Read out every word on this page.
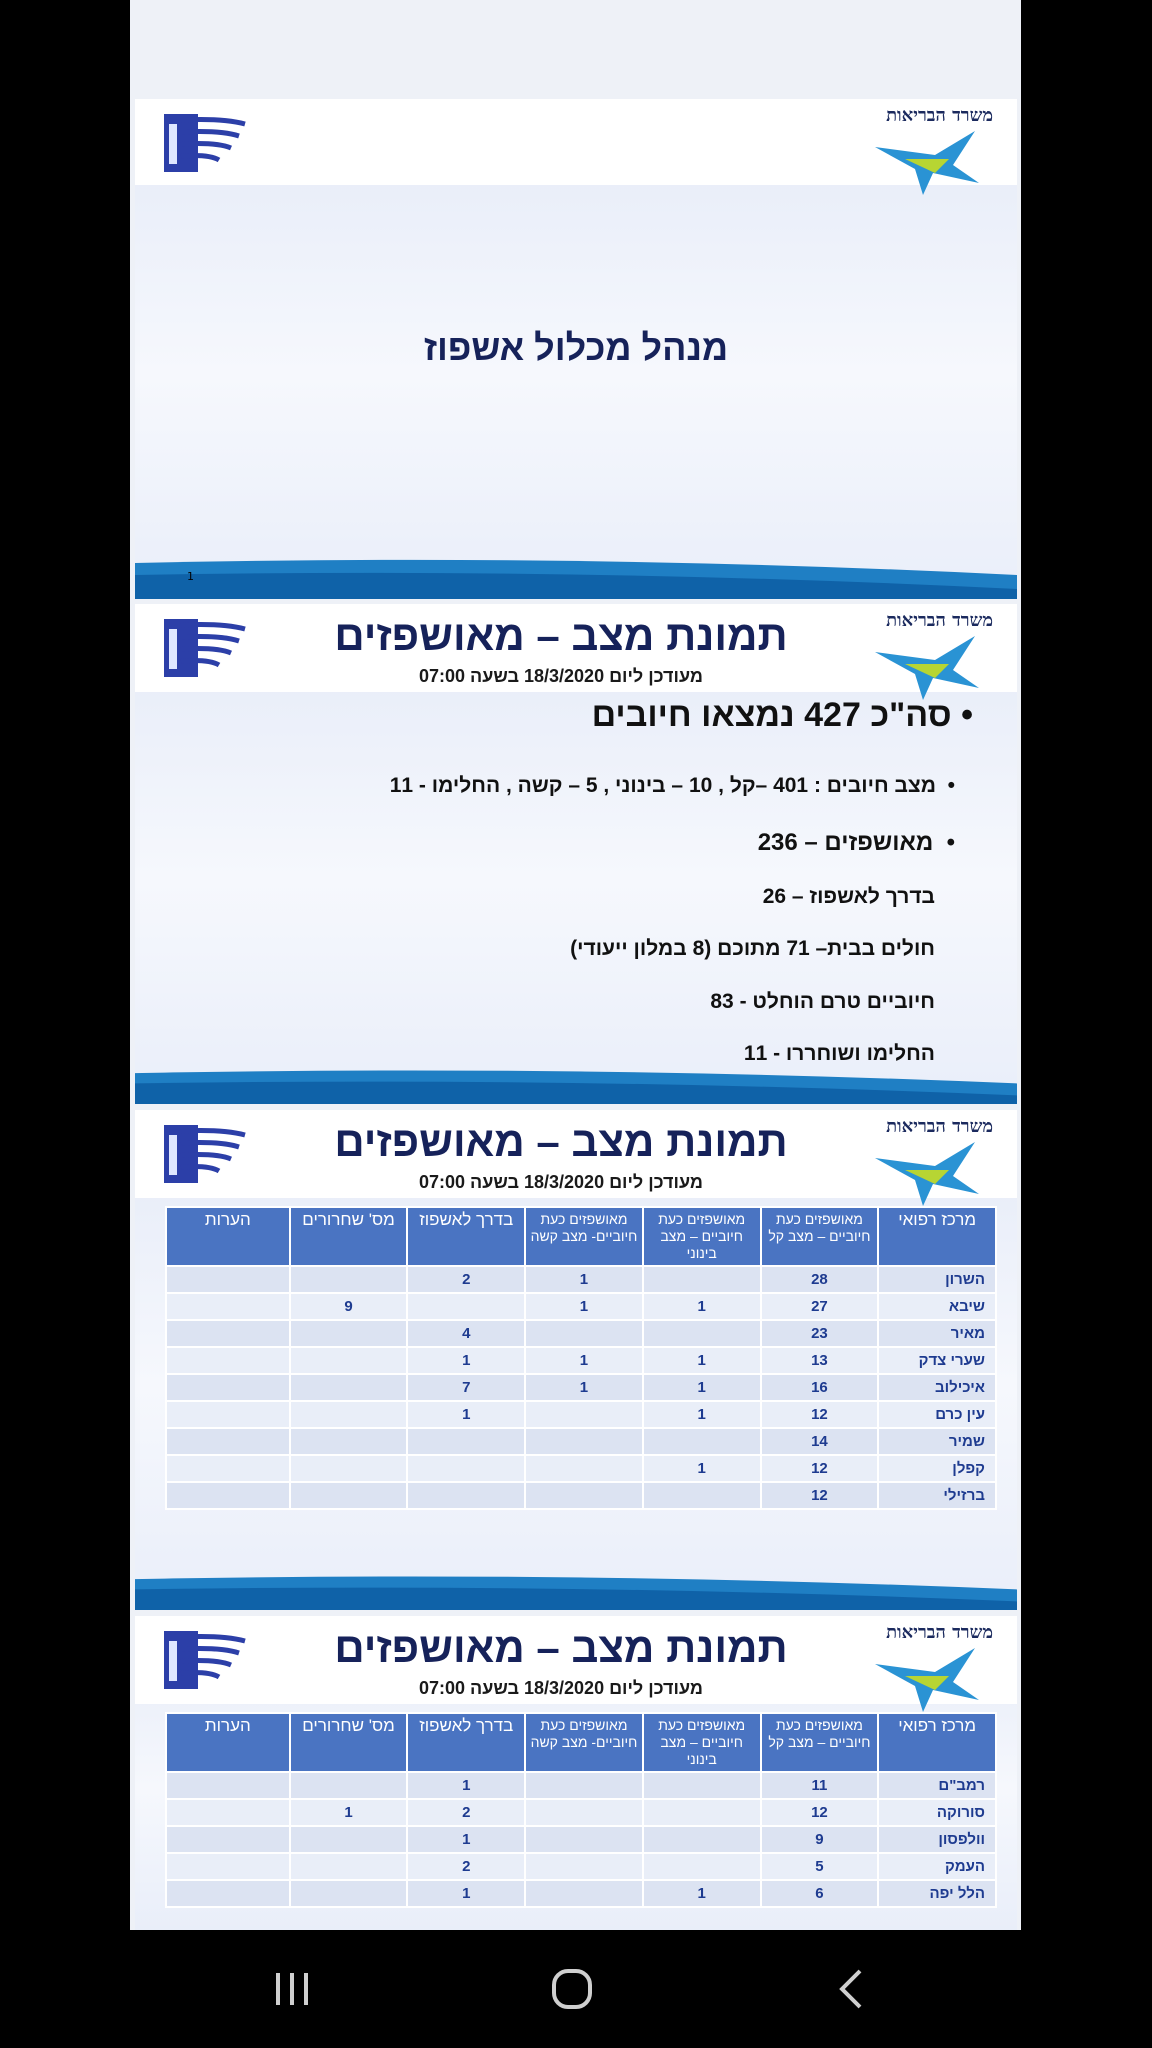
משרד הבריאות
מנהל מכלול אשפוז
1
משרד הבריאות
תמונת מצב – מאושפזים
מעודכן ליום 18/3/2020 בשעה 07:00
• סה"כ 427 נמצאו חיובים
•  מצב חיובים : 401 –קל , 10 – בינוני , 5 – קשה , החלימו - 11
•  מאושפזים – 236
בדרך לאשפוז – 26
חולים בבית– 71 מתוכם (8 במלון ייעודי)
חיוביים טרם הוחלט - 83
החלימו ושוחררו - 11
משרד הבריאות
תמונת מצב – מאושפזים
מעודכן ליום 18/3/2020 בשעה 07:00
מרכז רפואי	מאושפזים כעת חיוביים – מצב קל	מאושפזים כעת חיוביים – מצב בינוני	מאושפזים כעת חיוביים- מצב קשה	בדרך לאשפוז	מס' שחרורים	הערות
השרון	28		1	2		
שיבא	27	1	1		9	
מאיר	23			4		
שערי צדק	13	1	1	1		
איכילוב	16	1	1	7		
עין כרם	12	1		1		
שמיר	14					
קפלן	12	1				
ברזילי	12					
משרד הבריאות
תמונת מצב – מאושפזים
מעודכן ליום 18/3/2020 בשעה 07:00
מרכז רפואי	מאושפזים כעת חיוביים – מצב קל	מאושפזים כעת חיוביים – מצב בינוני	מאושפזים כעת חיוביים- מצב קשה	בדרך לאשפוז	מס' שחרורים	הערות
רמב"ם	11			1		
סורוקה	12			2	1	
וולפסון	9			1		
העמק	5			2		
הלל יפה	6	1		1		
